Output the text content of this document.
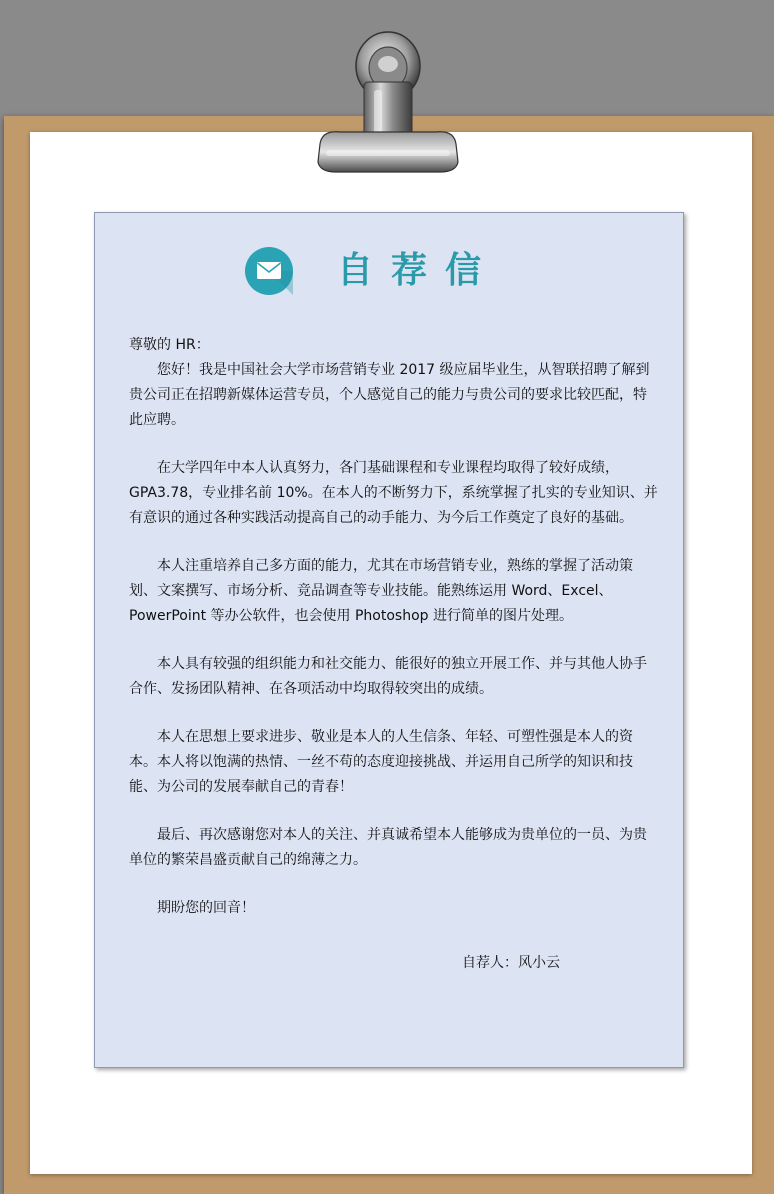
自荐信

尊敬的 HR：

您好！我是中国社会大学市场营销专业 2017 级应届毕业生，从智联招聘了解到贵公司正在招聘新媒体运营专员，个人感觉自己的能力与贵公司的要求比较匹配，特此应聘。

在大学四年中本人认真努力，各门基础课程和专业课程均取得了较好成绩，GPA3.78，专业排名前 10%。在本人的不断努力下，系统掌握了扎实的专业知识、并有意识的通过各种实践活动提高自己的动手能力、为今后工作奠定了良好的基础。

本人注重培养自己多方面的能力，尤其在市场营销专业，熟练的掌握了活动策划、文案撰写、市场分析、竞品调查等专业技能。能熟练运用 Word、Excel、PowerPoint 等办公软件，也会使用 Photoshop 进行简单的图片处理。

本人具有较强的组织能力和社交能力、能很好的独立开展工作、并与其他人协手合作、发扬团队精神、在各项活动中均取得较突出的成绩。

本人在思想上要求进步、敬业是本人的人生信条、年轻、可塑性强是本人的资本。本人将以饱满的热情、一丝不苟的态度迎接挑战、并运用自己所学的知识和技能、为公司的发展奉献自己的青春！

最后、再次感谢您对本人的关注、并真诚希望本人能够成为贵单位的一员、为贵单位的繁荣昌盛贡献自己的绵薄之力。

期盼您的回音！

自荐人：风小云
